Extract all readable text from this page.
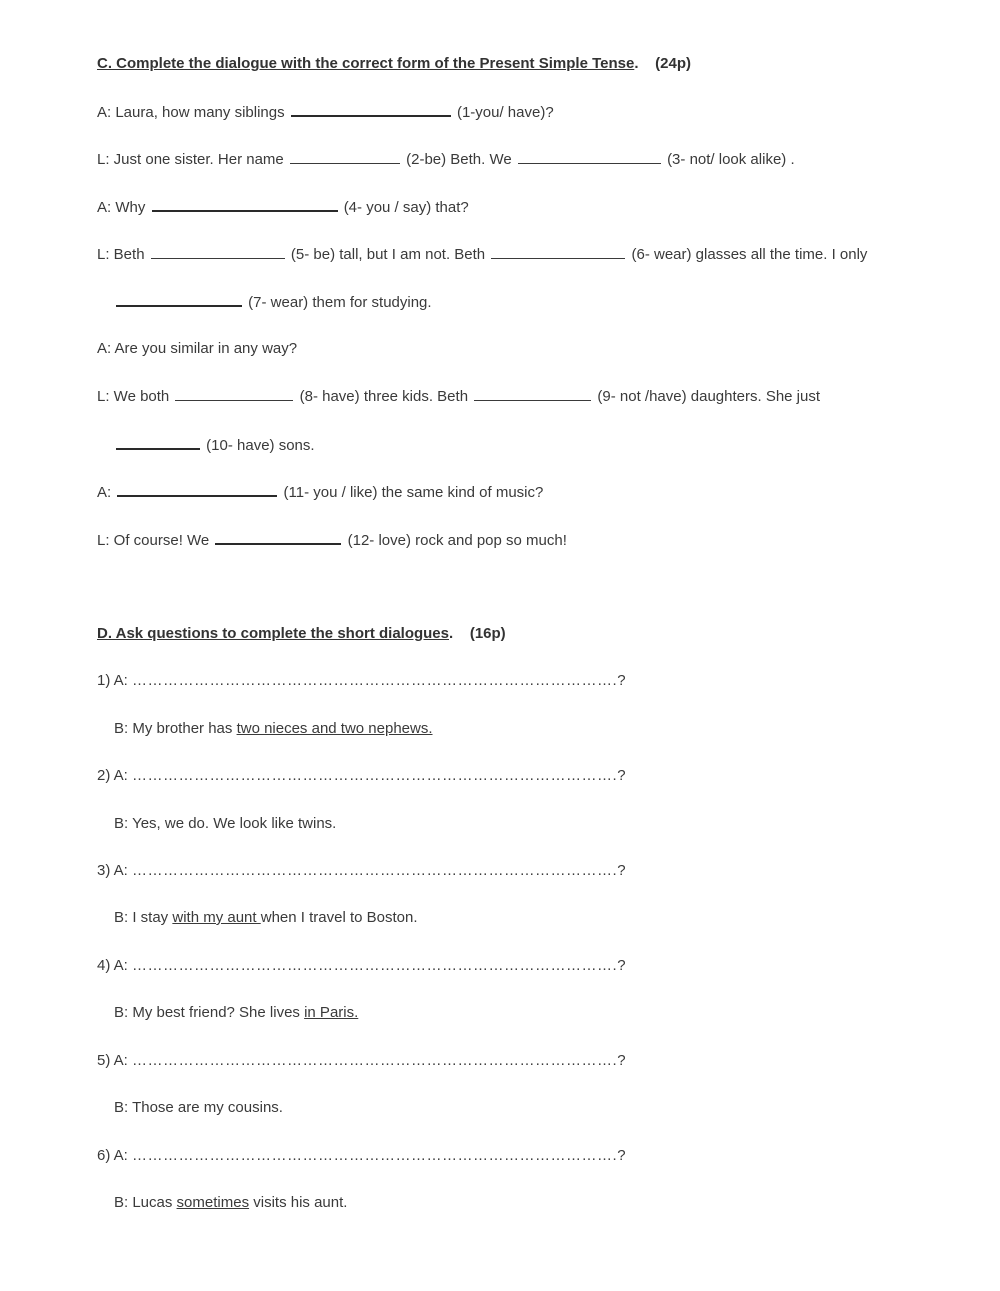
C. Complete the dialogue with the correct form of the Present Simple Tense.    (24p)
A: Laura, how many siblings	(1-you/ have)?
L: Just one sister. Her name	(2-be) Beth. We	(3- not/ look alike) .
A: Why	(4- you / say) that?
L: Beth	(5- be) tall, but I am not. Beth	(6- wear) glasses all the time. I only
(7- wear) them for studying.
A: Are you similar in any way?
L: We both	(8- have) three kids. Beth	(9- not /have) daughters. She just
(10- have) sons.
A:	(11- you / like) the same kind of music?
L: Of course! We	(12- love) rock and pop so much!
D. Ask questions to complete the short dialogues.    (16p)
1) A: ………………………………………………………………………………….?
B: My brother has two nieces and two nephews.
2) A: ………………………………………………………………………………….?
B: Yes, we do. We look like twins.
3) A: ………………………………………………………………………………….?
B: I stay with my aunt when I travel to Boston.
4) A: ………………………………………………………………………………….?
B: My best friend? She lives in Paris.
5) A: ………………………………………………………………………………….?
B: Those are my cousins.
6) A: ………………………………………………………………………………….?
B: Lucas sometimes visits his aunt.
